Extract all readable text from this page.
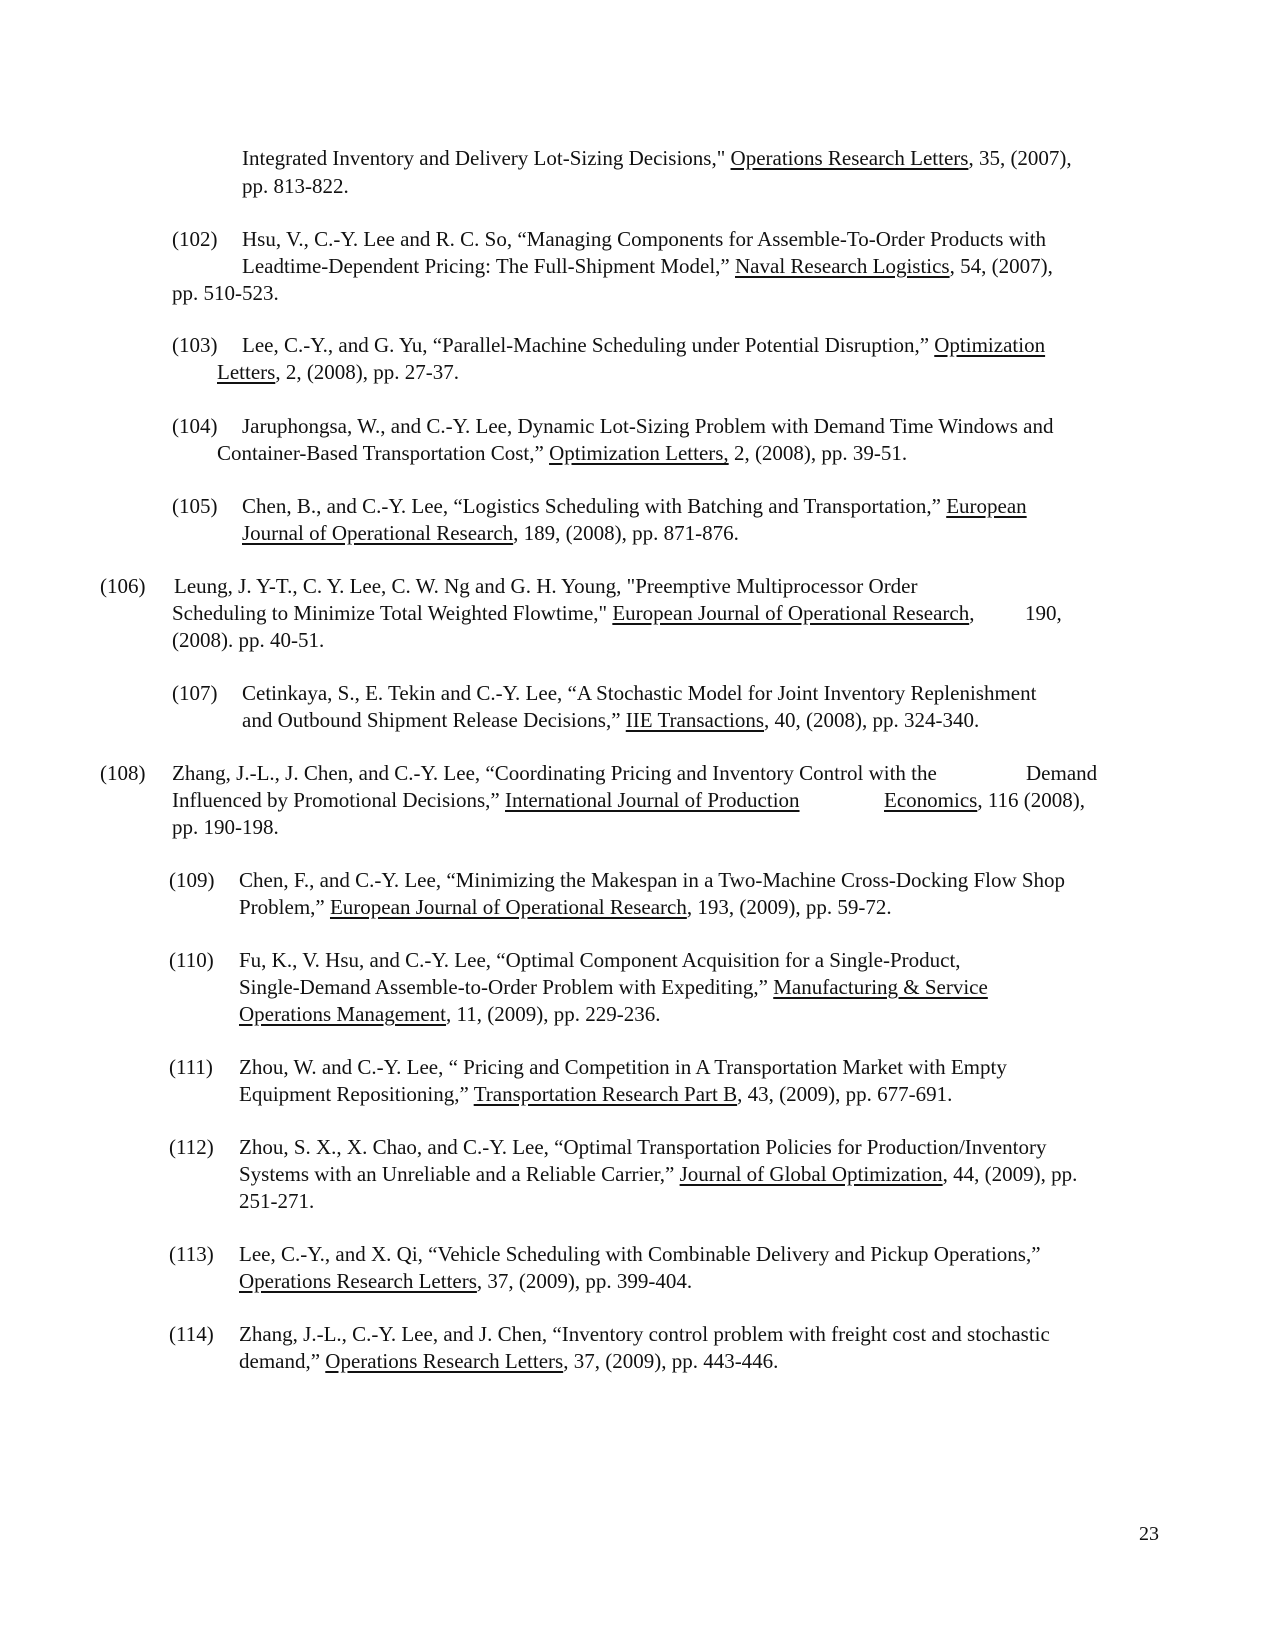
Integrated Inventory and Delivery Lot-Sizing Decisions," Operations Research Letters, 35, (2007),
pp. 813-822.
(102) Hsu, V., C.-Y. Lee and R. C. So, “Managing Components for Assemble-To-Order Products with
Leadtime-Dependent Pricing: The Full-Shipment Model,” Naval Research Logistics, 54, (2007),
pp. 510-523.
(103) Lee, C.-Y., and G. Yu, “Parallel-Machine Scheduling under Potential Disruption,” Optimization
Letters, 2, (2008), pp. 27-37.
(104) Jaruphongsa, W., and C.-Y. Lee, Dynamic Lot-Sizing Problem with Demand Time Windows and
Container-Based Transportation Cost,” Optimization Letters, 2, (2008), pp. 39-51.
(105) Chen, B., and C.-Y. Lee, “Logistics Scheduling with Batching and Transportation,” European
Journal of Operational Research, 189, (2008), pp. 871-876.
(106) Leung, J. Y-T., C. Y. Lee, C. W. Ng and G. H. Young, "Preemptive Multiprocessor Order
Scheduling to Minimize Total Weighted Flowtime," European Journal of Operational Research, 190,
(2008). pp. 40-51.
(107) Cetinkaya, S., E. Tekin and C.-Y. Lee, “A Stochastic Model for Joint Inventory Replenishment
and Outbound Shipment Release Decisions,” IIE Transactions, 40, (2008), pp. 324-340.
(108) Zhang, J.-L., J. Chen, and C.-Y. Lee, “Coordinating Pricing and Inventory Control with the	Demand
Influenced by Promotional Decisions,” International Journal of Production	Economics, 116 (2008),
pp. 190-198.
(109) Chen, F., and C.-Y. Lee, “Minimizing the Makespan in a Two-Machine Cross-Docking Flow Shop
Problem,” European Journal of Operational Research, 193, (2009), pp. 59-72.
(110) Fu, K., V. Hsu, and C.-Y. Lee, “Optimal Component Acquisition for a Single-Product,
Single-Demand Assemble-to-Order Problem with Expediting,” Manufacturing & Service
Operations Management, 11, (2009), pp. 229-236.
(111) Zhou, W. and C.-Y. Lee, “ Pricing and Competition in A Transportation Market with Empty
Equipment Repositioning,” Transportation Research Part B, 43, (2009), pp. 677-691.
(112) Zhou, S. X., X. Chao, and C.-Y. Lee, “Optimal Transportation Policies for Production/Inventory
Systems with an Unreliable and a Reliable Carrier,” Journal of Global Optimization, 44, (2009), pp.
251-271.
(113) Lee, C.-Y., and X. Qi, “Vehicle Scheduling with Combinable Delivery and Pickup Operations,”
Operations Research Letters, 37, (2009), pp. 399-404.
(114) Zhang, J.-L., C.-Y. Lee, and J. Chen, “Inventory control problem with freight cost and stochastic
demand,” Operations Research Letters, 37, (2009), pp. 443-446.
23
